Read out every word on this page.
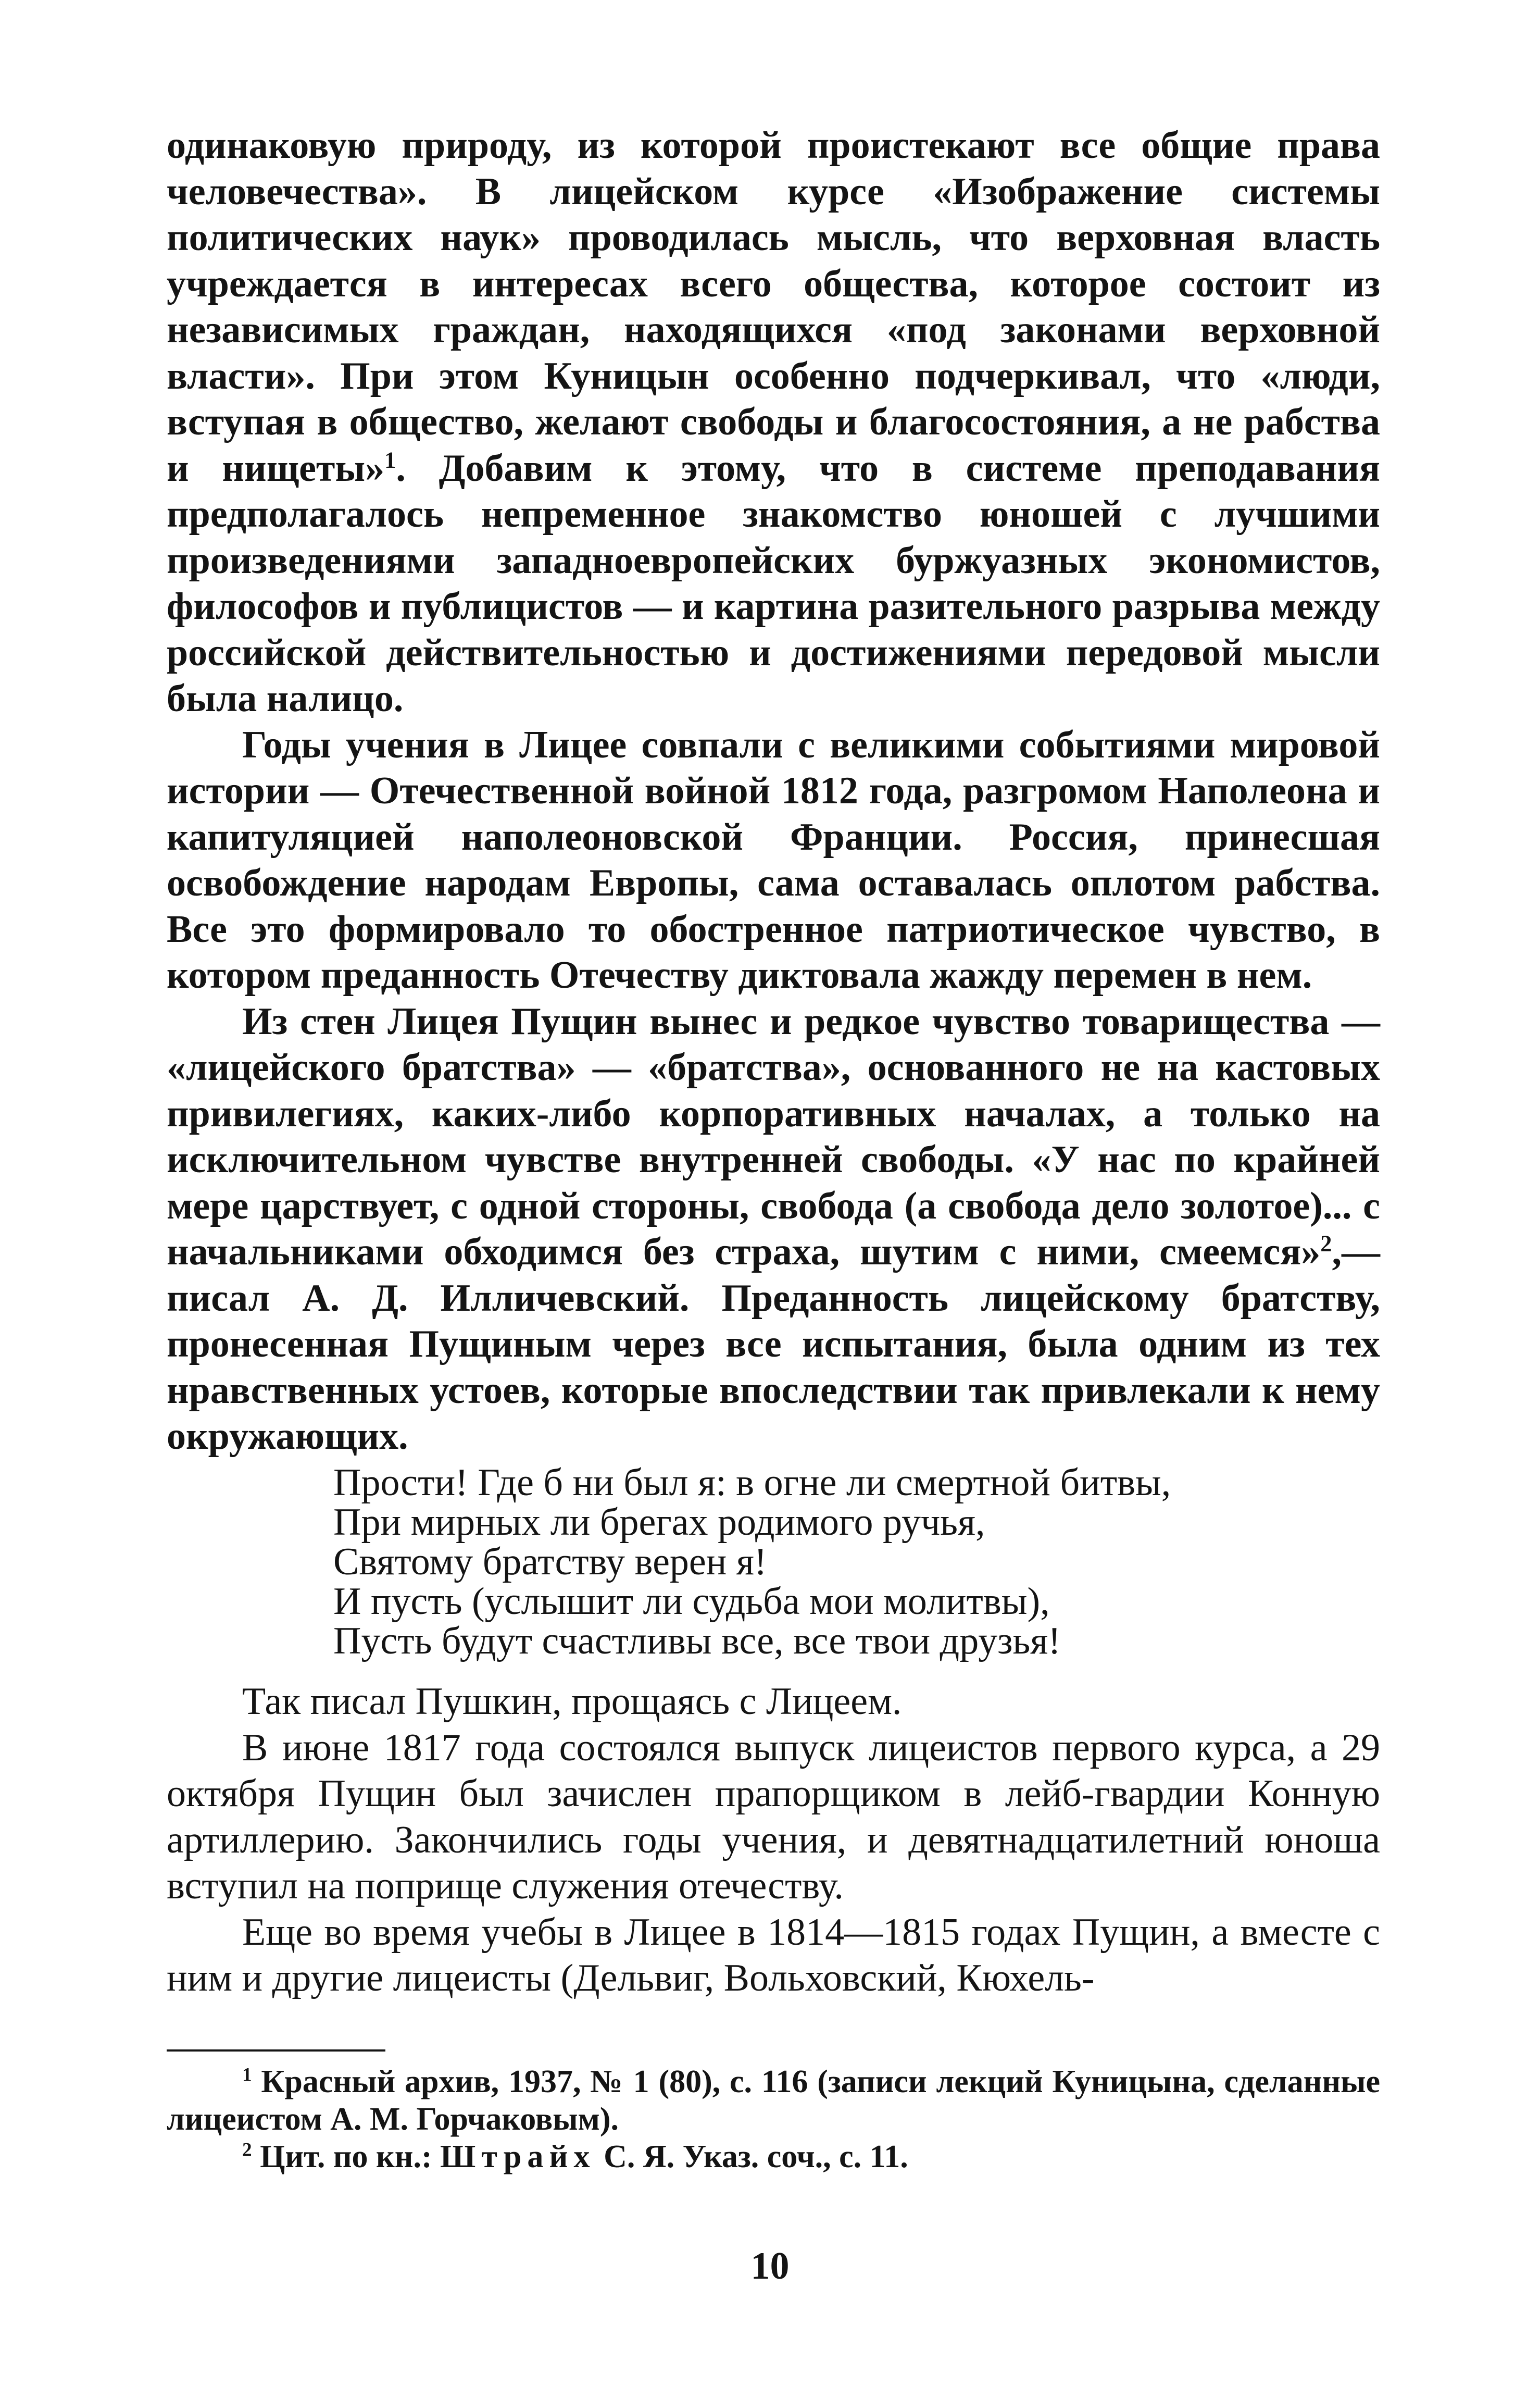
одинаковую природу, из которой проистекают все общие права человечества». В лицейском курсе «Изображение системы политических наук» проводилась мысль, что верховная власть учреждается в интересах всего общества, которое состоит из независимых граждан, находящихся «под законами верховной власти». При этом Куницын особенно подчеркивал, что «люди, вступая в общество, желают свободы и благосостояния, а не рабства и нищеты»$^1$. Добавим к этому, что в системе преподавания предполагалось непременное знакомство юношей с лучшими произведениями западноевропейских буржуазных экономистов, философов и публицистов — и картина разительного разрыва между российской действительностью и достижениями передовой мысли была налицо.

Годы учения в Лицее совпали с великими событиями мировой истории — Отечественной войной 1812 года, разгромом Наполеона и капитуляцией наполеоновской Франции. Россия, принесшая освобождение народам Европы, сама оставалась оплотом рабства. Все это формировало то обостренное патриотическое чувство, в котором преданность Отечеству диктовала жажду перемен в нем.

Из стен Лицея Пущин вынес и редкое чувство товарищества — «лицейского братства» — «братства», основанного не на кастовых привилегиях, каких-либо корпоративных началах, а только на исключительном чувстве внутренней свободы. «У нас по крайней мере царствует, с одной стороны, свобода (а свобода дело золотое)... с начальниками обходимся без страха, шутим с ними, смеемся»$^2$,— писал А. Д. Илличевский. Преданность лицейскому братству, пронесенная Пущиным через все испытания, была одним из тех нравственных устоев, которые впоследствии так привлекали к нему окружающих.

Прости! Где б ни был я: в огне ли смертной битвы,
При мирных ли брегах родимого ручья,
Святому братству верен я!
И пусть (услышит ли судьба мои молитвы),
Пусть будут счастливы все, все твои друзья!

Так писал Пушкин, прощаясь с Лицеем.

В июне 1817 года состоялся выпуск лицеистов первого курса, а 29 октября Пущин был зачислен прапорщиком в лейб-гвардии Конную артиллерию. Закончились годы учения, и девятнадцатилетний юноша вступил на поприще служения отечеству.

Еще во время учебы в Лицее в 1814—1815 годах Пущин, а вместе с ним и другие лицеисты (Дельвиг, Вольховский, Кюхель-

$^1$ Красный архив, 1937, № 1 (80), с. 116 (записи лекций Куницына, сделанные лицеистом А. М. Горчаковым).

$^2$ Цит. по кн.: Штрайх С. Я. Указ. соч., с. 11.

10
